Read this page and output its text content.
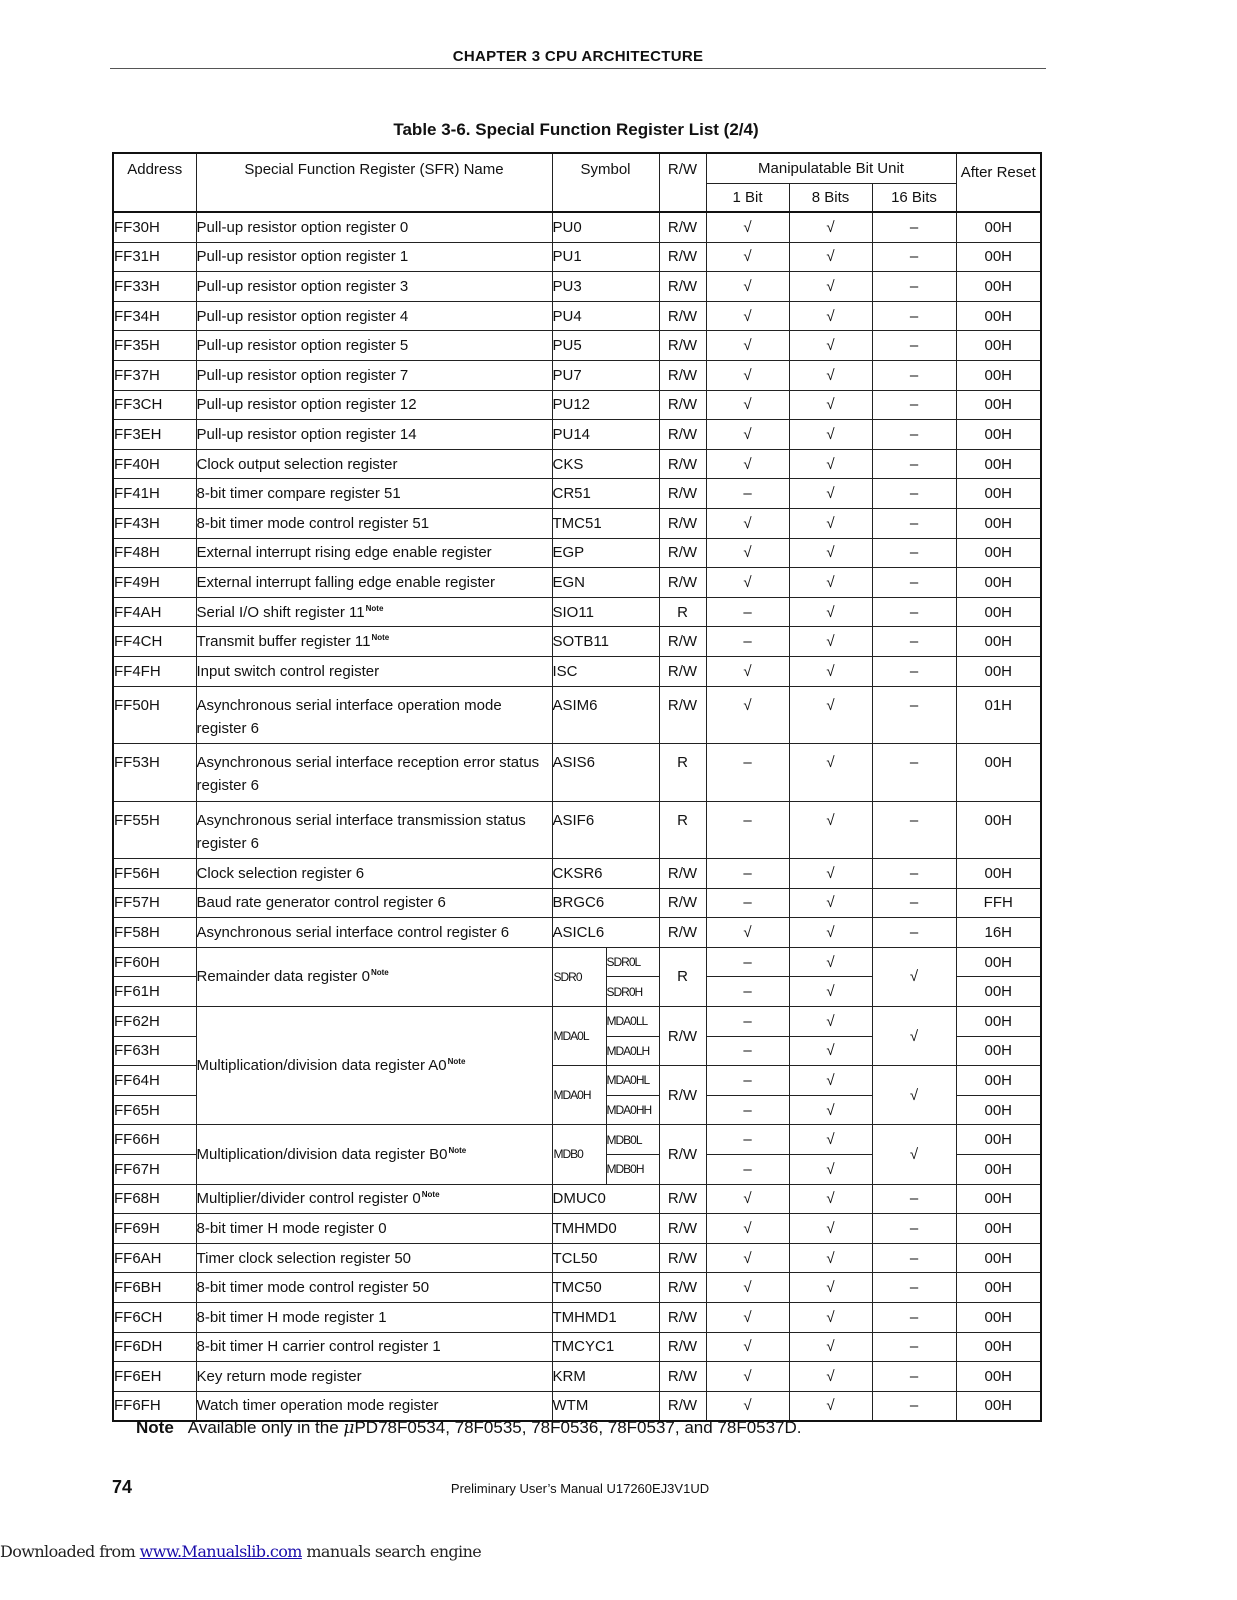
CHAPTER 3 CPU ARCHITECTURE
Table 3-6. Special Function Register List (2/4)
Address	Special Function Register (SFR) Name	Symbol		R/W	Manipulatable Bit Unit			After Reset
					1 Bit	8 Bits	16 Bits	
FF30H	Pull-up resistor option register 0	PU0		R/W	√	√	–	00H
FF31H	Pull-up resistor option register 1	PU1		R/W	√	√	–	00H
FF33H	Pull-up resistor option register 3	PU3		R/W	√	√	–	00H
FF34H	Pull-up resistor option register 4	PU4		R/W	√	√	–	00H
FF35H	Pull-up resistor option register 5	PU5		R/W	√	√	–	00H
FF37H	Pull-up resistor option register 7	PU7		R/W	√	√	–	00H
FF3CH	Pull-up resistor option register 12	PU12		R/W	√	√	–	00H
FF3EH	Pull-up resistor option register 14	PU14		R/W	√	√	–	00H
FF40H	Clock output selection register	CKS		R/W	√	√	–	00H
FF41H	8-bit timer compare register 51	CR51		R/W	–	√	–	00H
FF43H	8-bit timer mode control register 51	TMC51		R/W	√	√	–	00H
FF48H	External interrupt rising edge enable register	EGP		R/W	√	√	–	00H
FF49H	External interrupt falling edge enable register	EGN		R/W	√	√	–	00H
FF4AH	Serial I/O shift register 11$^{Note}$	SIO11		R	–	√	–	00H
FF4CH	Transmit buffer register 11$^{Note}$	SOTB11		R/W	–	√	–	00H
FF4FH	Input switch control register	ISC		R/W	√	√	–	00H
FF50H	Asynchronous serial interface operation mode register 6	ASIM6		R/W	√	√	–	01H
FF53H	Asynchronous serial interface reception error status register 6	ASIS6		R	–	√	–	00H
FF55H	Asynchronous serial interface transmission status register 6	ASIF6		R	–	√	–	00H
FF56H	Clock selection register 6	CKSR6		R/W	–	√	–	00H
FF57H	Baud rate generator control register 6	BRGC6		R/W	–	√	–	FFH
FF58H	Asynchronous serial interface control register 6	ASICL6		R/W	√	√	–	16H
FF60H	Remainder data register 0$^{Note}$	SDR0	SDR0L	R	–	√	√	00H
FF61H			SDR0H		–	√		00H
FF62H	Multiplication/division data register A0$^{Note}$	MDA0L	MDA0LL	R/W	–	√	√	00H
FF63H			MDA0LH		–	√		00H
FF64H		MDA0H	MDA0HL	R/W	–	√	√	00H
FF65H			MDA0HH		–	√		00H
FF66H	Multiplication/division data register B0$^{Note}$	MDB0	MDB0L	R/W	–	√	√	00H
FF67H			MDB0H		–	√		00H
FF68H	Multiplier/divider control register 0$^{Note}$	DMUC0		R/W	√	√	–	00H
FF69H	8-bit timer H mode register 0	TMHMD0		R/W	√	√	–	00H
FF6AH	Timer clock selection register 50	TCL50		R/W	√	√	–	00H
FF6BH	8-bit timer mode control register 50	TMC50		R/W	√	√	–	00H
FF6CH	8-bit timer H mode register 1	TMHMD1		R/W	√	√	–	00H
FF6DH	8-bit timer H carrier control register 1	TMCYC1		R/W	√	√	–	00H
FF6EH	Key return mode register	KRM		R/W	√	√	–	00H
FF6FH	Watch timer operation mode register	WTM		R/W	√	√	–	00H
Note Available only in the μPD78F0534, 78F0535, 78F0536, 78F0537, and 78F0537D.
74	Preliminary User’s Manual U17260EJ3V1UD
Downloaded from www.Manualslib.com manuals search engine
